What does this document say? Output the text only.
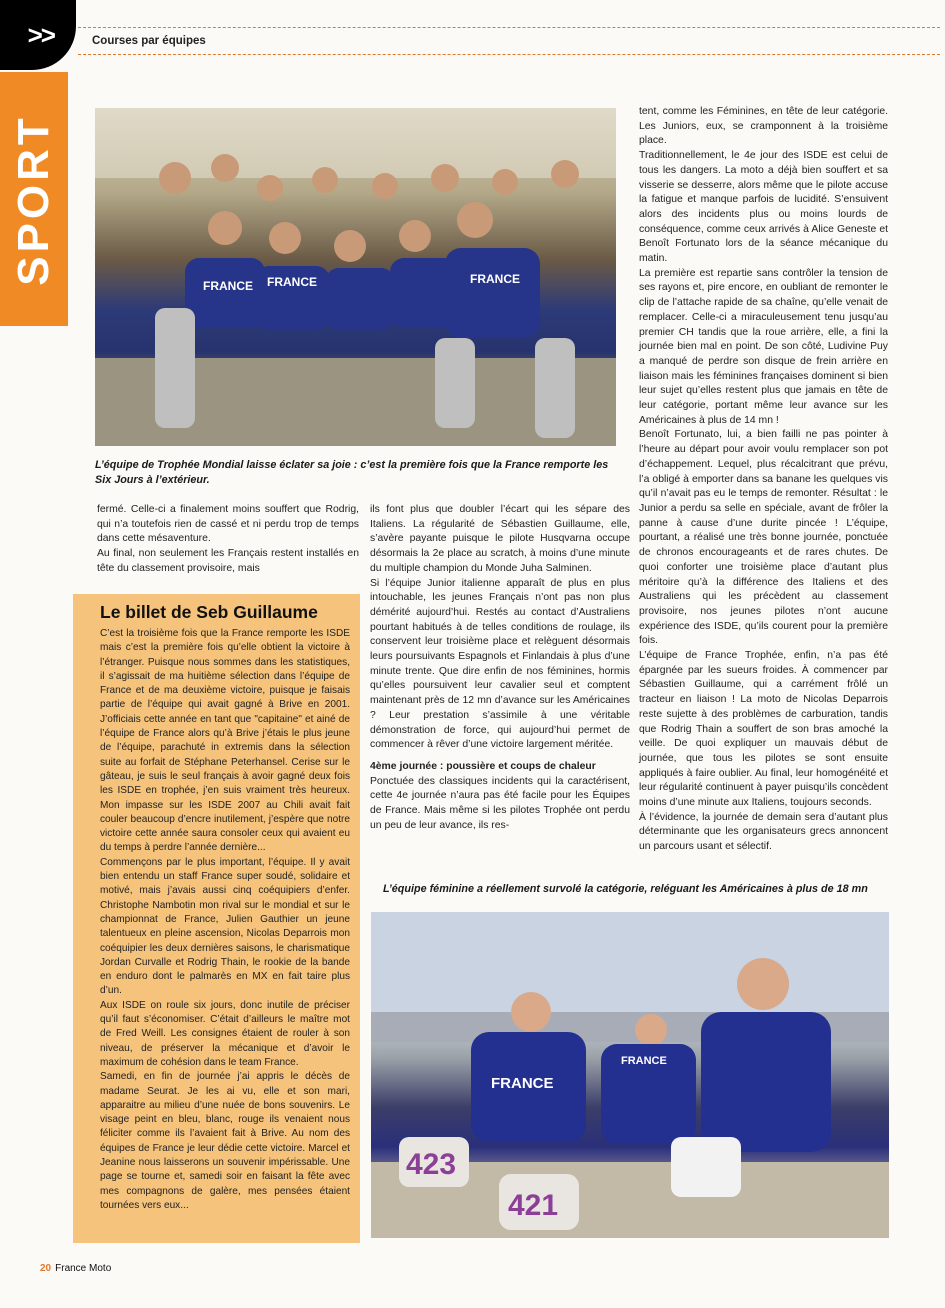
>>	Courses par équipes
SPORT
FRANCE FRANCE	FRANCE
L’équipe de Trophée Mondial laisse éclater sa joie : c’est la première fois que la France remporte les Six Jours à l’extérieur.

fermé. Celle-ci a finalement moins souffert que Rodrig, qui n’a toutefois rien de cassé et ni perdu trop de temps dans cette mésaventure.

Au final, non seulement les Français restent installés en tête du classement provisoire, mais

ils font plus que doubler l’écart qui les sépare des Italiens. La régularité de Sébastien Guillaume, elle, s’avère payante puisque le pilote Husqvarna occupe désormais la 2e place au scratch, à moins d’une minute du multiple champion du Monde Juha Salminen.

Si l’équipe Junior italienne apparaît de plus en plus intouchable, les jeunes Français n’ont pas non plus démérité aujourd’hui. Restés au contact d’Australiens pourtant habitués à de telles conditions de roulage, ils conservent leur troisième place et relèguent désormais leurs poursuivants Espagnols et Finlandais à plus d’une minute trente. Que dire enfin de nos féminines, hormis qu’elles poursuivent leur cavalier seul et comptent maintenant près de 12 mn d’avance sur les Américaines ? Leur prestation s’assimile à une véritable démonstration de force, qui aujourd’hui permet de commencer à rêver d’une victoire largement méritée.

4ème journée : poussière et coups de chaleur

Ponctuée des classiques incidents qui la caractérisent, cette 4e journée n’aura pas été facile pour les Équipes de France. Mais même si les pilotes Trophée ont perdu un peu de leur avance, ils res-

tent, comme les Féminines, en tête de leur catégorie. Les Juniors, eux, se cramponnent à la troisième place.

Traditionnellement, le 4e jour des ISDE est celui de tous les dangers. La moto a déjà bien souffert et sa visserie se desserre, alors même que le pilote accuse la fatigue et manque parfois de lucidité. S’ensuivent alors des incidents plus ou moins lourds de conséquence, comme ceux arrivés à Alice Geneste et Benoît Fortunato lors de la séance mécanique du matin.

La première est repartie sans contrôler la tension de ses rayons et, pire encore, en oubliant de remonter le clip de l’attache rapide de sa chaîne, qu’elle venait de remplacer. Celle-ci a miraculeusement tenu jusqu’au premier CH tandis que la roue arrière, elle, a fini la journée bien mal en point. De son côté, Ludivine Puy a manqué de perdre son disque de frein arrière en liaison mais les féminines françaises dominent si bien leur sujet qu’elles restent plus que jamais en tête de leur catégorie, portant même leur avance sur les Américaines à plus de 14 mn !

Benoît Fortunato, lui, a bien failli ne pas pointer à l’heure au départ pour avoir voulu remplacer son pot d’échappement. Lequel, plus récalcitrant que prévu, l’a obligé à emporter dans sa banane les quelques vis qu’il n’avait pas eu le temps de remonter. Résultat : le Junior a perdu sa selle en spéciale, avant de frôler la panne à cause d’une durite pincée ! L’équipe, pourtant, a réalisé une très bonne journée, ponctuée de chronos encourageants et de rares chutes. De quoi conforter une troisième place d’autant plus méritoire qu’à la différence des Italiens et des Australiens qui les précèdent au classement provisoire, nos jeunes pilotes n’ont aucune expérience des ISDE, qu’ils courent pour la première fois.

L’équipe de France Trophée, enfin, n’a pas été épargnée par les sueurs froides. À commencer par Sébastien Guillaume, qui a carrément frôlé un tracteur en liaison ! La moto de Nicolas Deparrois reste sujette à des problèmes de carburation, tandis que Rodrig Thain a souffert de son bras amoché la veille. De quoi expliquer un mauvais début de journée, que tous les pilotes se sont ensuite appliqués à faire oublier. Au final, leur homogénéité et leur régularité continuent à payer puisqu’ils concèdent moins d’une minute aux Italiens, toujours seconds.

À l’évidence, la journée de demain sera d’autant plus déterminante que les organisateurs grecs annoncent un parcours usant et sélectif.

Le billet de Seb Guillaume

C’est la troisième fois que la France remporte les ISDE mais c’est la première fois qu’elle obtient la victoire à l’étranger. Puisque nous sommes dans les statistiques, il s’agissait de ma huitième sélection dans l’équipe de France et de ma deuxième victoire, puisque je faisais partie de l’équipe qui avait gagné à Brive en 2001. J’officiais cette année en tant que "capitaine" et ainé de l’équipe de France alors qu’à Brive j’étais le plus jeune de l’équipe, parachuté in extremis dans la sélection suite au forfait de Stéphane Peterhansel. Cerise sur le gâteau, je suis le seul français à avoir gagné deux fois les ISDE en trophée, j’en suis vraiment très heureux. Mon impasse sur les ISDE 2007 au Chili avait fait couler beaucoup d’encre inutilement, j’espère que notre victoire cette année saura consoler ceux qui avaient eu du temps à perdre l’année dernière...

Commençons par le plus important, l’équipe. Il y avait bien entendu un staff France super soudé, solidaire et motivé, mais j’avais aussi cinq coéquipiers d’enfer. Christophe Nambotin mon rival sur le mondial et sur le championnat de France, Julien Gauthier un jeune talentueux en pleine ascension, Nicolas Deparrois mon coéquipier les deux dernières saisons, le charismatique Jordan Curvalle et Rodrig Thain, le rookie de la bande en enduro dont le palmarès en MX en fait taire plus d’un.

Aux ISDE on roule six jours, donc inutile de préciser qu’il faut s’économiser. C’était d’ailleurs le maître mot de Fred Weill. Les consignes étaient de rouler à son niveau, de préserver la mécanique et d’avoir le maximum de cohésion dans le team France.

Samedi, en fin de journée j’ai appris le décès de madame Seurat. Je les ai vu, elle et son mari, apparaitre au milieu d’une nuée de bons souvenirs. Le visage peint en bleu, blanc, rouge ils venaient nous féliciter comme ils l’avaient fait à Brive. Au nom des équipes de France je leur dédie cette victoire. Marcel et Jeanine nous laisserons un souvenir impérissable. Une page se tourne et, samedi soir en faisant la fête avec mes compagnons de galère, mes pensées étaient tournées vers eux...

L’équipe féminine a réellement survolé la catégorie, reléguant les Américaines à plus de 18 mn
FRANCE
FRANCE
423
421
20 France Moto
